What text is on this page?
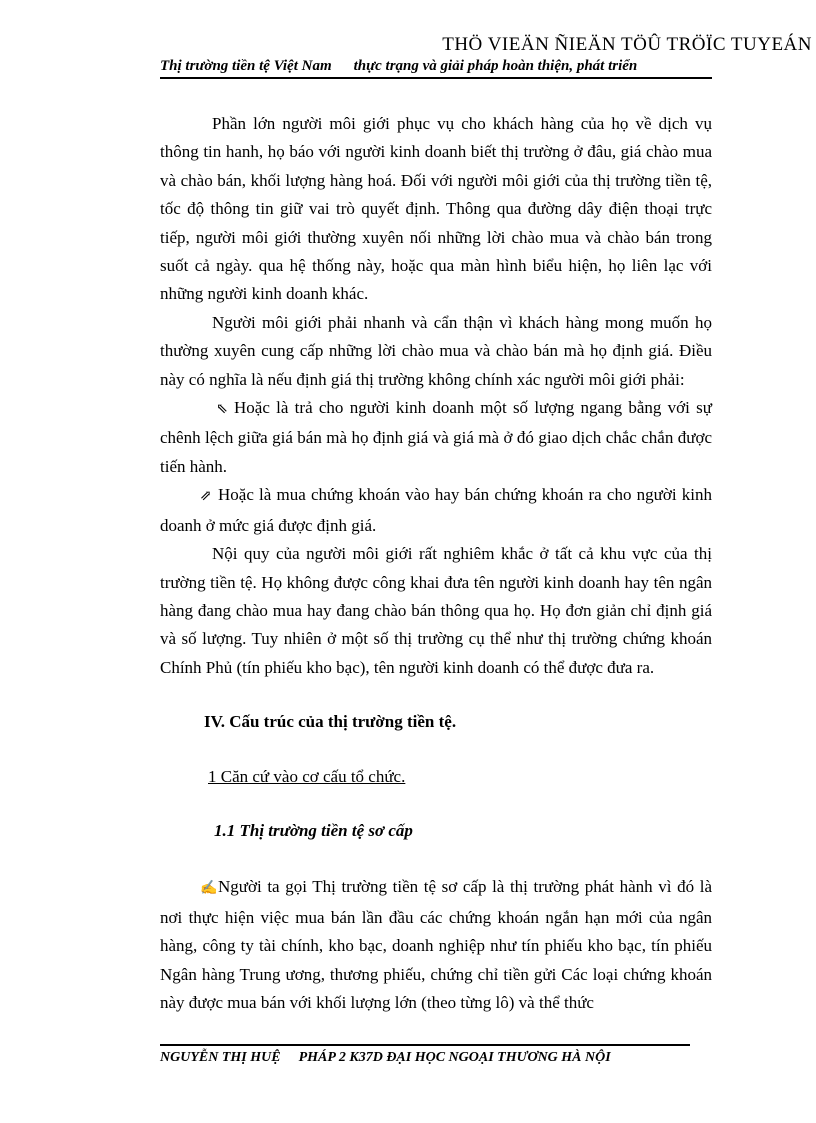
THÖ VIEÄN ÑIEÄN TÖÛ TRÖÏC TUYEÁN
Thị trường tiền tệ Việt Nam thực trạng và giải pháp hoàn thiện, phát triển

Phần lớn người môi giới phục vụ cho khách hàng của họ về dịch vụ thông tin hanh, họ báo với người kinh doanh biết thị trường ở đâu, giá chào mua và chào bán, khối lượng hàng hoá. Đối với người môi giới của thị trường tiền tệ, tốc độ thông tin giữ vai trò quyết định. Thông qua đường dây điện thoại trực tiếp, người môi giới thường xuyên nối những lời chào mua và chào bán trong suốt cả ngày. qua hệ thống này, hoặc qua màn hình biểu hiện, họ liên lạc với những người kinh doanh khác.

Người môi giới phải nhanh và cẩn thận vì khách hàng mong muốn họ thường xuyên cung cấp những lời chào mua và chào bán mà họ định giá. Điều này có nghĩa là nếu định giá thị trường không chính xác người môi giới phải:

⇖ Hoặc là trả cho người kinh doanh một số lượng ngang bằng với sự chênh lệch giữa giá bán mà họ định giá và giá mà ở đó giao dịch chắc chắn được tiến hành.

⇗ Hoặc là mua chứng khoán vào hay bán chứng khoán ra cho người kinh doanh ở mức giá được định giá.

Nội quy của người môi giới rất nghiêm khắc ở tất cả khu vực của thị trường tiền tệ. Họ không được công khai đưa tên người kinh doanh hay tên ngân hàng đang chào mua hay đang chào bán thông qua họ. Họ đơn giản chỉ định giá và số lượng. Tuy nhiên ở một số thị trường cụ thể như thị trường chứng khoán Chính Phủ (tín phiếu kho bạc), tên người kinh doanh có thể được đưa ra.

IV. Cấu trúc của thị trường tiền tệ.

1 Căn cứ vào cơ cấu tổ chức.

1.1 Thị trường tiền tệ sơ cấp

✍Người ta gọi Thị trường tiền tệ sơ cấp là thị trường phát hành vì đó là nơi thực hiện việc mua bán lần đầu các chứng khoán ngắn hạn mới của ngân hàng, công ty tài chính, kho bạc, doanh nghiệp như tín phiếu kho bạc, tín phiếu Ngân hàng Trung ương, thương phiếu, chứng chỉ tiền gửi Các loại chứng khoán này được mua bán với khối lượng lớn (theo từng lô) và thể thức

NGUYỄN THỊ HUỆ PHÁP 2 K37D ĐẠI HỌC NGOẠI THƯƠNG HÀ NỘI
